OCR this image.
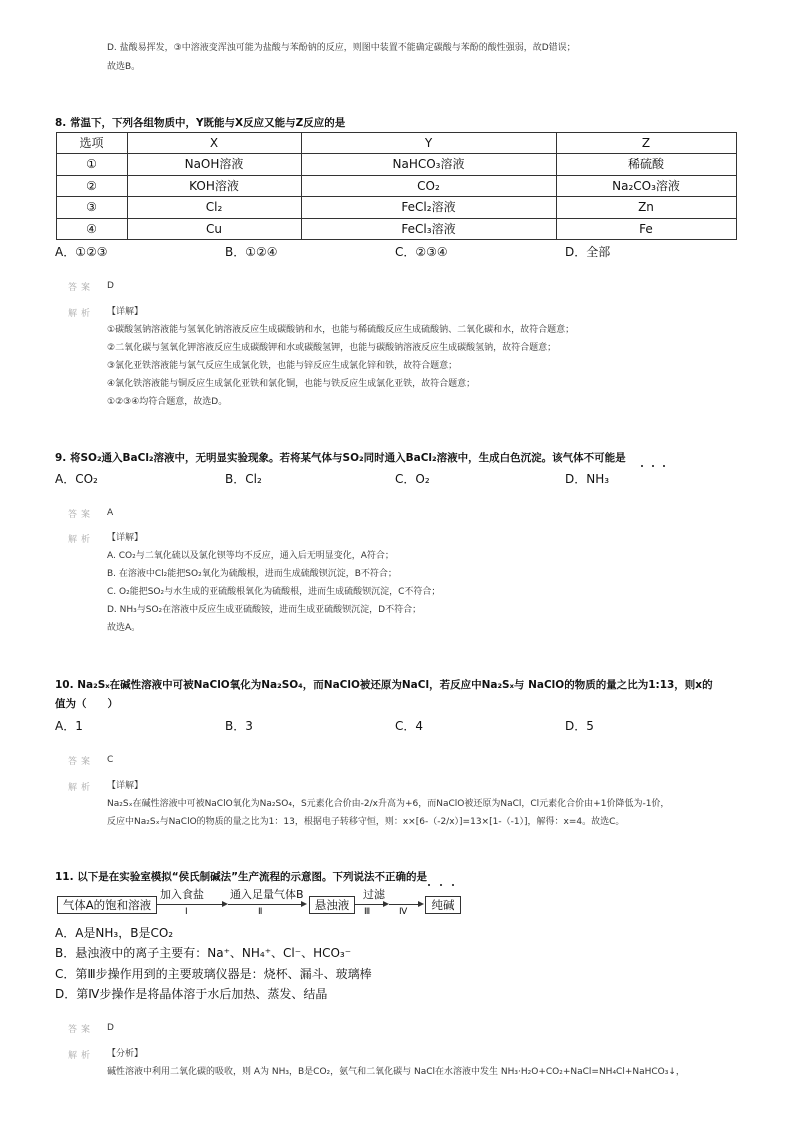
D. 盐酸易挥发，③中溶液变浑浊可能为盐酸与苯酚钠的反应，则图中装置不能确定碳酸与苯酚的酸性强弱，故D错误；
故选B。
8. 常温下，下列各组物质中，Y既能与X反应又能与Z反应的是
选项	X	Y	Z
①	NaOH溶液	NaHCO₃溶液	稀硫酸
②	KOH溶液	CO₂	Na₂CO₃溶液
③	Cl₂	FeCl₂溶液	Zn
④	Cu	FeCl₃溶液	Fe
A．①②③	B．①②④	C．②③④	D．全部
答案 D
解析 【详解】
①碳酸氢钠溶液能与氢氧化钠溶液反应生成碳酸钠和水，也能与稀硫酸反应生成硫酸钠、二氧化碳和水，故符合题意；
②二氧化碳与氢氧化钾溶液反应生成碳酸钾和水或碳酸氢钾，也能与碳酸钠溶液反应生成碳酸氢钠，故符合题意；
③氯化亚铁溶液能与氯气反应生成氯化铁，也能与锌反应生成氯化锌和铁，故符合题意；
④氯化铁溶液能与铜反应生成氯化亚铁和氯化铜，也能与铁反应生成氯化亚铁，故符合题意；
①②③④均符合题意，故选D。
9. 将SO₂通入BaCl₂溶液中，无明显实验现象。若将某气体与SO₂同时通入BaCl₂溶液中，生成白色沉淀。该气体不可能是
A．CO₂	B．Cl₂	C．O₂	D．NH₃
答案 A
解析 【详解】
A. CO₂与二氧化硫以及氯化钡等均不反应，通入后无明显变化，A符合；
B. 在溶液中Cl₂能把SO₂氧化为硫酸根，进而生成硫酸钡沉淀，B不符合；
C. O₂能把SO₂与水生成的亚硫酸根氧化为硫酸根，进而生成硫酸钡沉淀，C不符合；
D. NH₃与SO₂在溶液中反应生成亚硫酸铵，进而生成亚硫酸钡沉淀，D不符合；
故选A。
10. Na₂Sₓ在碱性溶液中可被NaClO氧化为Na₂SO₄，而NaClO被还原为NaCl，若反应中Na₂Sₓ与 NaClO的物质的量之比为1:13，则x的
值为（　　）
A．1	B．3	C．4	D．5
答案 C
解析 【详解】
Na₂Sₓ在碱性溶液中可被NaClO氧化为Na₂SO₄，S元素化合价由-2/x升高为+6，而NaClO被还原为NaCl，Cl元素化合价由+1价降低为-1价，
反应中Na₂Sₓ与NaClO的物质的量之比为1：13，根据电子转移守恒，则：x×[6-（-2/x）]=13×[1-（-1）]，解得：x=4。故选C。
11. 以下是在实验室模拟“侯氏制碱法”生产流程的示意图。下列说法不正确的是
气体A的饱和溶液
加入食盐
Ⅰ
通入足量气体B
Ⅱ	悬浊液
过滤
Ⅲ	Ⅳ	纯碱
A．A是NH₃，B是CO₂
B．悬浊液中的离子主要有：Na⁺、NH₄⁺、Cl⁻、HCO₃⁻
C．第Ⅲ步操作用到的主要玻璃仪器是：烧杯、漏斗、玻璃棒
D．第Ⅳ步操作是将晶体溶于水后加热、蒸发、结晶
答案 D
解析 【分析】
碱性溶液中利用二氧化碳的吸收，则 A为 NH₃，B是CO₂，氨气和二氧化碳与 NaCl在水溶液中发生 NH₃·H₂O+CO₂+NaCl=NH₄Cl+NaHCO₃↓，
